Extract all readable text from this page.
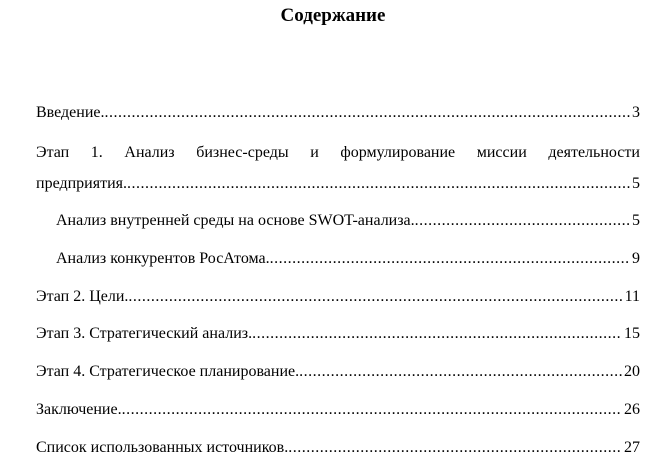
Содержание
Введение. .....	3
Этап 1. Анализ бизнес-среды и формулирование миссии деятельности
предприятия. .....	5
Анализ внутренней среды на основе SWOT-анализа. .....	5
Анализ конкурентов РосАтома. .....	9
Этап 2. Цели. .....	11
Этап 3. Стратегический анализ. .....	15
Этап 4. Стратегическое планирование. .....	20
Заключение. .....	26
Список использованных источников. .....	27
